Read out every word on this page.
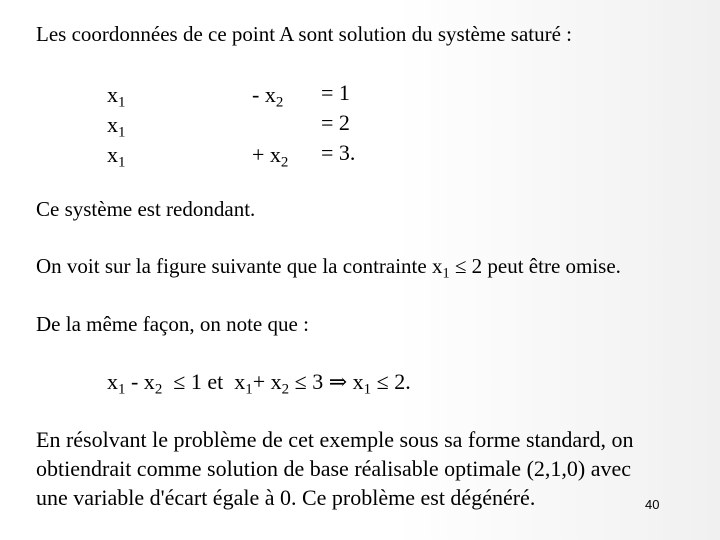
Les coordonnées de ce point A sont solution du système saturé :
$x_1$
$x_1$
$x_1$
- $x_2$

+ $x_2$
= 1
= 2
= 3.
Ce système est redondant.
On voit sur la figure suivante que la contrainte $x_1 \le 2$ peut être omise.
De la même façon, on note que :
$x_1 - x_2 \le 1$ et  $x_1+ x_2 \le 3$ ⇒ $x_1 \le 2$.
En résolvant le problème de cet exemple sous sa forme standard, on
obtiendrait comme solution de base réalisable optimale (2,1,0) avec
une variable d'écart égale à 0. Ce problème est dégénéré.	40
